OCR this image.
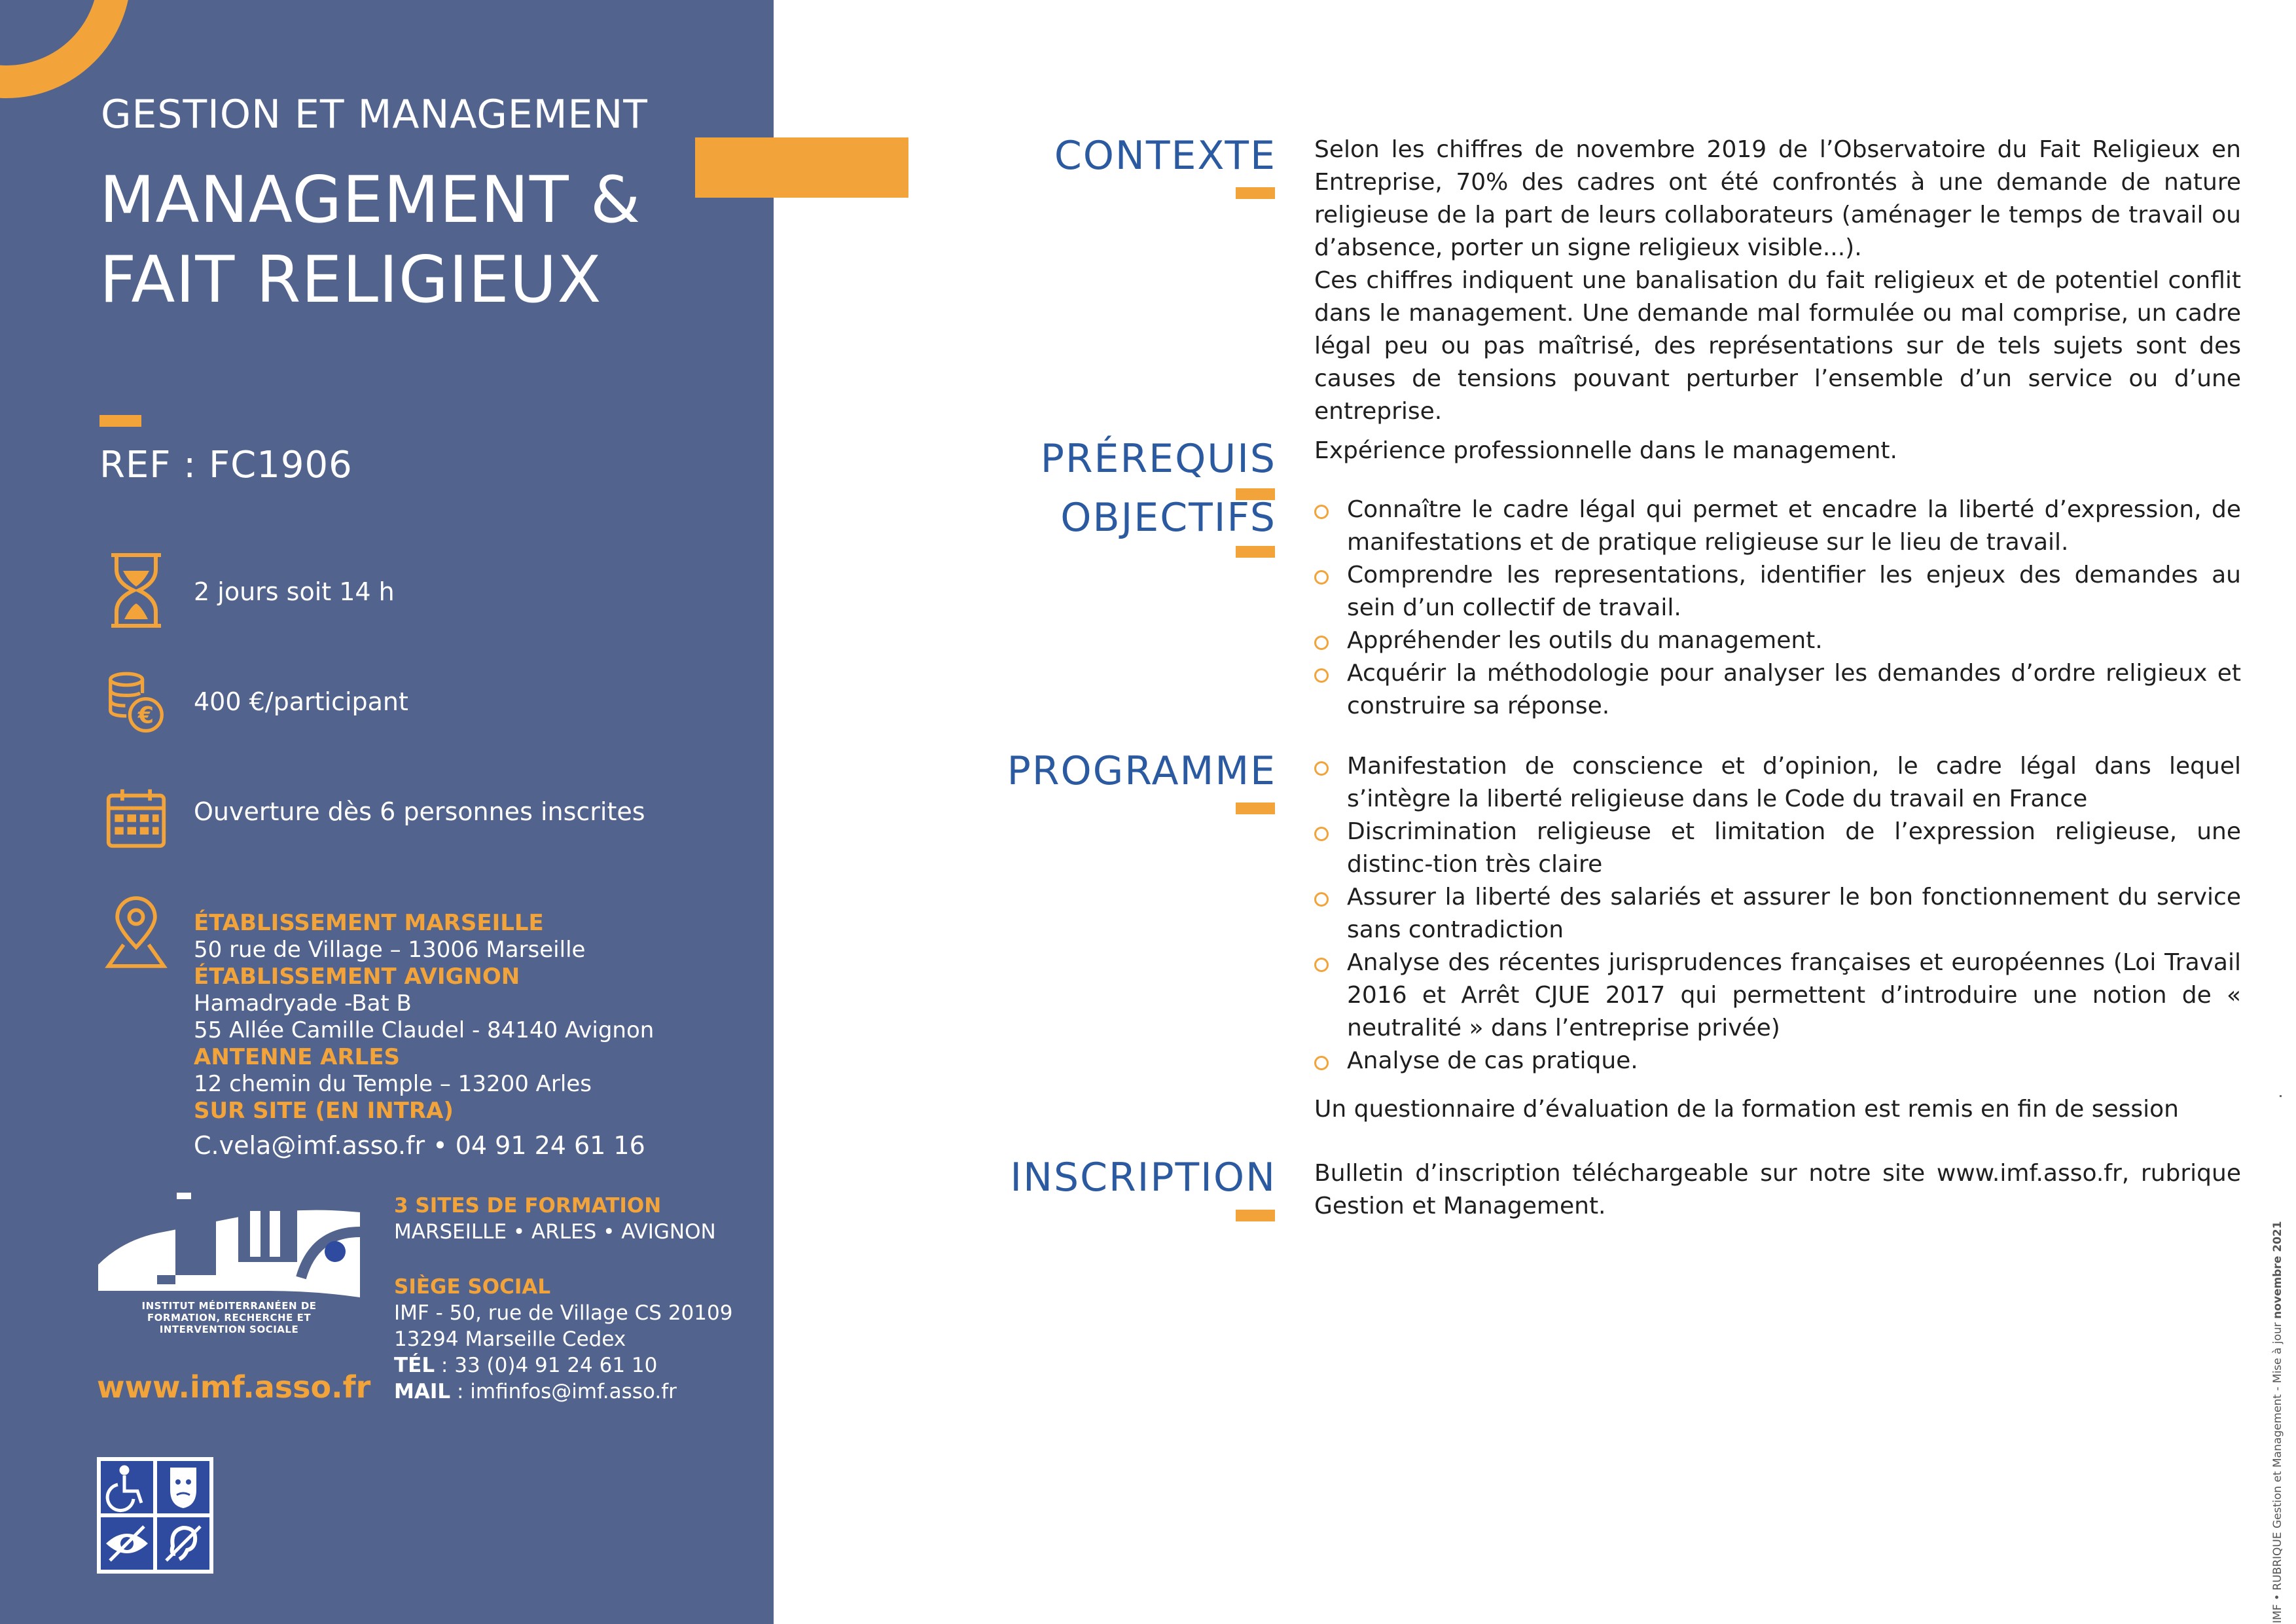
GESTION ET MANAGEMENT
MANAGEMENT &
FAIT RELIGIEUX
REF : FC1906
2 jours soit 14 h
€ 400 €/participant
Ouverture dès 6 personnes inscrites
ÉTABLISSEMENT MARSEILLE
50 rue de Village – 13006 Marseille
ÉTABLISSEMENT AVIGNON
Hamadryade -Bat B
55 Allée Camille Claudel - 84140 Avignon
ANTENNE ARLES
12 chemin du Temple – 13200 Arles
SUR SITE (EN INTRA)
C.vela@imf.asso.fr • 04 91 24 61 16
INSTITUT MÉDITERRANÉEN DE FORMATION, RECHERCHE ET INTERVENTION SOCIALE
www.imf.asso.fr
3 SITES DE FORMATION
MARSEILLE • ARLES • AVIGNON
SIÈGE SOCIAL
IMF - 50, rue de Village CS 20109
13294 Marseille Cedex
TÉL : 33 (0)4 91 24 61 10
MAIL : imfinfos@imf.asso.fr
CONTEXTE Selon les chiffres de novembre 2019 de l’Observatoire du Fait Religieux en Entreprise, 70% des cadres ont été confrontés à une demande de nature religieuse de la part de leurs collaborateurs (aménager le temps de travail ou d’absence, porter un signe religieux visible...).
Ces chiffres indiquent une banalisation du fait religieux et de potentiel conflit dans le management. Une demande mal formulée ou mal comprise, un cadre légal peu ou pas maîtrisé, des représentations sur de tels sujets sont des causes de tensions pouvant perturber l’ensemble d’un service ou d’une entreprise.
PRÉREQUIS Expérience professionnelle dans le management.
OBJECTIFS	Connaître le cadre légal qui permet et encadre la liberté d’expression, de manifestations et de pratique religieuse sur le lieu de travail.
Comprendre les representations, identifier les enjeux des demandes au sein d’un collectif de travail.
Appréhender les outils du management.
Acquérir la méthodologie pour analyser les demandes d’ordre religieux et construire sa réponse.
PROGRAMME	Manifestation de conscience et d’opinion, le cadre légal dans lequel s’intègre la liberté religieuse dans le Code du travail en France
Discrimination religieuse et limitation de l’expression religieuse, une distinc-tion très claire
Assurer la liberté des salariés et assurer le bon fonctionnement du service sans contradiction
Analyse des récentes jurisprudences françaises et européennes (Loi Travail 2016 et Arrêt CJUE 2017 qui permettent d’introduire une notion de « neutralité » dans l’entreprise privée)
Analyse de cas pratique.
Un questionnaire d’évaluation de la formation est remis en fin de session
INSCRIPTION Bulletin d’inscription téléchargeable sur notre site www.imf.asso.fr, rubrique Gestion et Management.
IMF • RUBRIQUE Gestion et Management - Mise à jour novembre 2021
